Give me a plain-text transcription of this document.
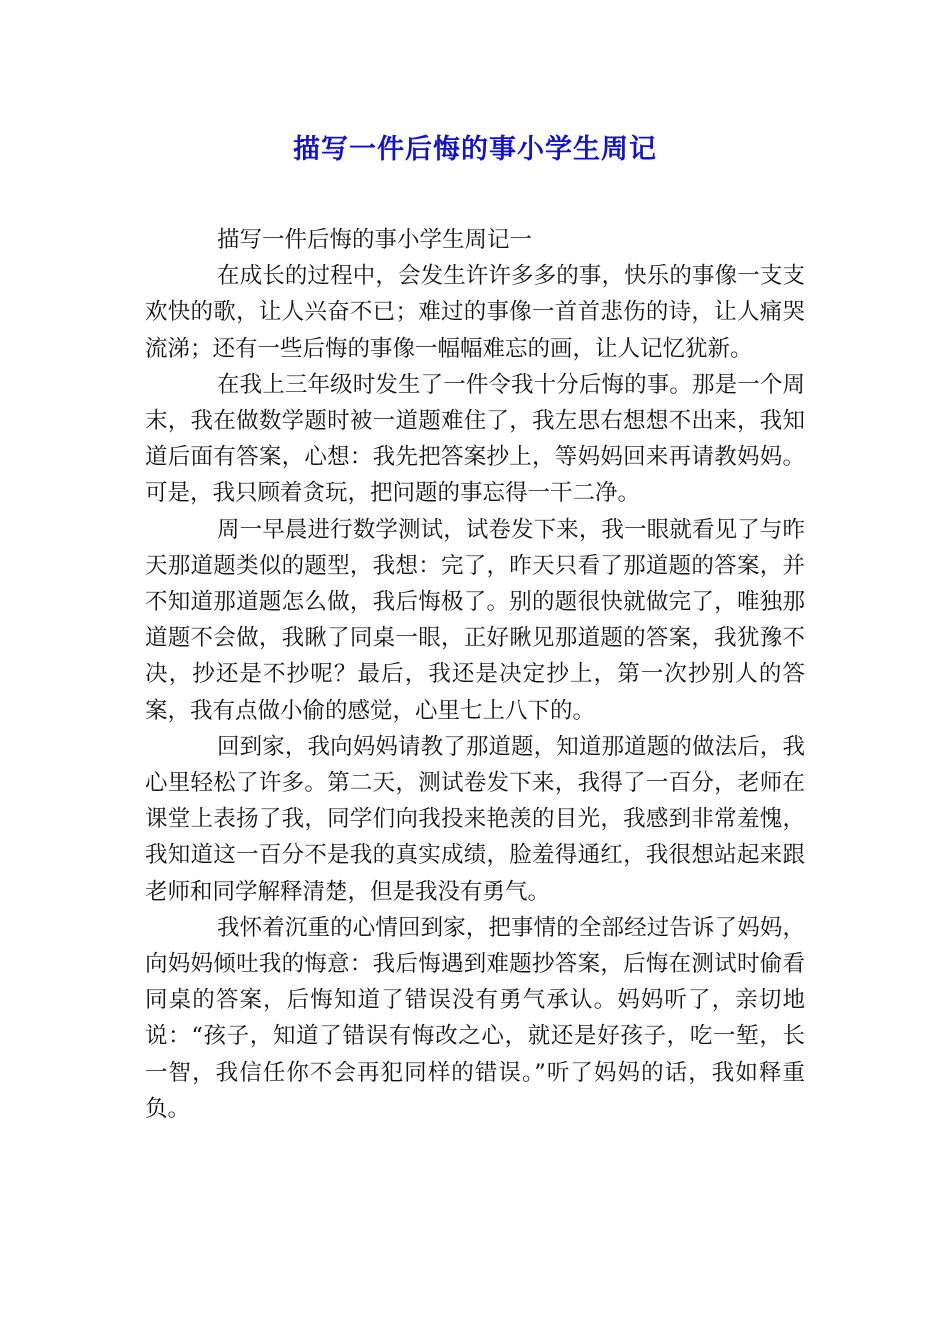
描写一件后悔的事小学生周记

描写一件后悔的事小学生周记一

在成长的过程中，会发生许许多多的事，快乐的事像一支支欢快的歌，让人兴奋不已；难过的事像一首首悲伤的诗，让人痛哭流涕；还有一些后悔的事像一幅幅难忘的画，让人记忆犹新。

在我上三年级时发生了一件令我十分后悔的事。那是一个周末，我在做数学题时被一道题难住了，我左思右想想不出来，我知道后面有答案，心想：我先把答案抄上，等妈妈回来再请教妈妈。可是，我只顾着贪玩，把问题的事忘得一干二净。

周一早晨进行数学测试，试卷发下来，我一眼就看见了与昨天那道题类似的题型，我想：完了，昨天只看了那道题的答案，并不知道那道题怎么做，我后悔极了。别的题很快就做完了，唯独那道题不会做，我瞅了同桌一眼，正好瞅见那道题的答案，我犹豫不决，抄还是不抄呢？最后，我还是决定抄上，第一次抄别人的答案，我有点做小偷的感觉，心里七上八下的。

回到家，我向妈妈请教了那道题，知道那道题的做法后，我心里轻松了许多。第二天，测试卷发下来，我得了一百分，老师在课堂上表扬了我，同学们向我投来艳羡的目光，我感到非常羞愧，我知道这一百分不是我的真实成绩，脸羞得通红，我很想站起来跟老师和同学解释清楚，但是我没有勇气。

我怀着沉重的心情回到家，把事情的全部经过告诉了妈妈，向妈妈倾吐我的悔意：我后悔遇到难题抄答案，后悔在测试时偷看同桌的答案，后悔知道了错误没有勇气承认。妈妈听了，亲切地说：“孩子，知道了错误有悔改之心，就还是好孩子，吃一堑，长一智，我信任你不会再犯同样的错误。”听了妈妈的话，我如释重负。
